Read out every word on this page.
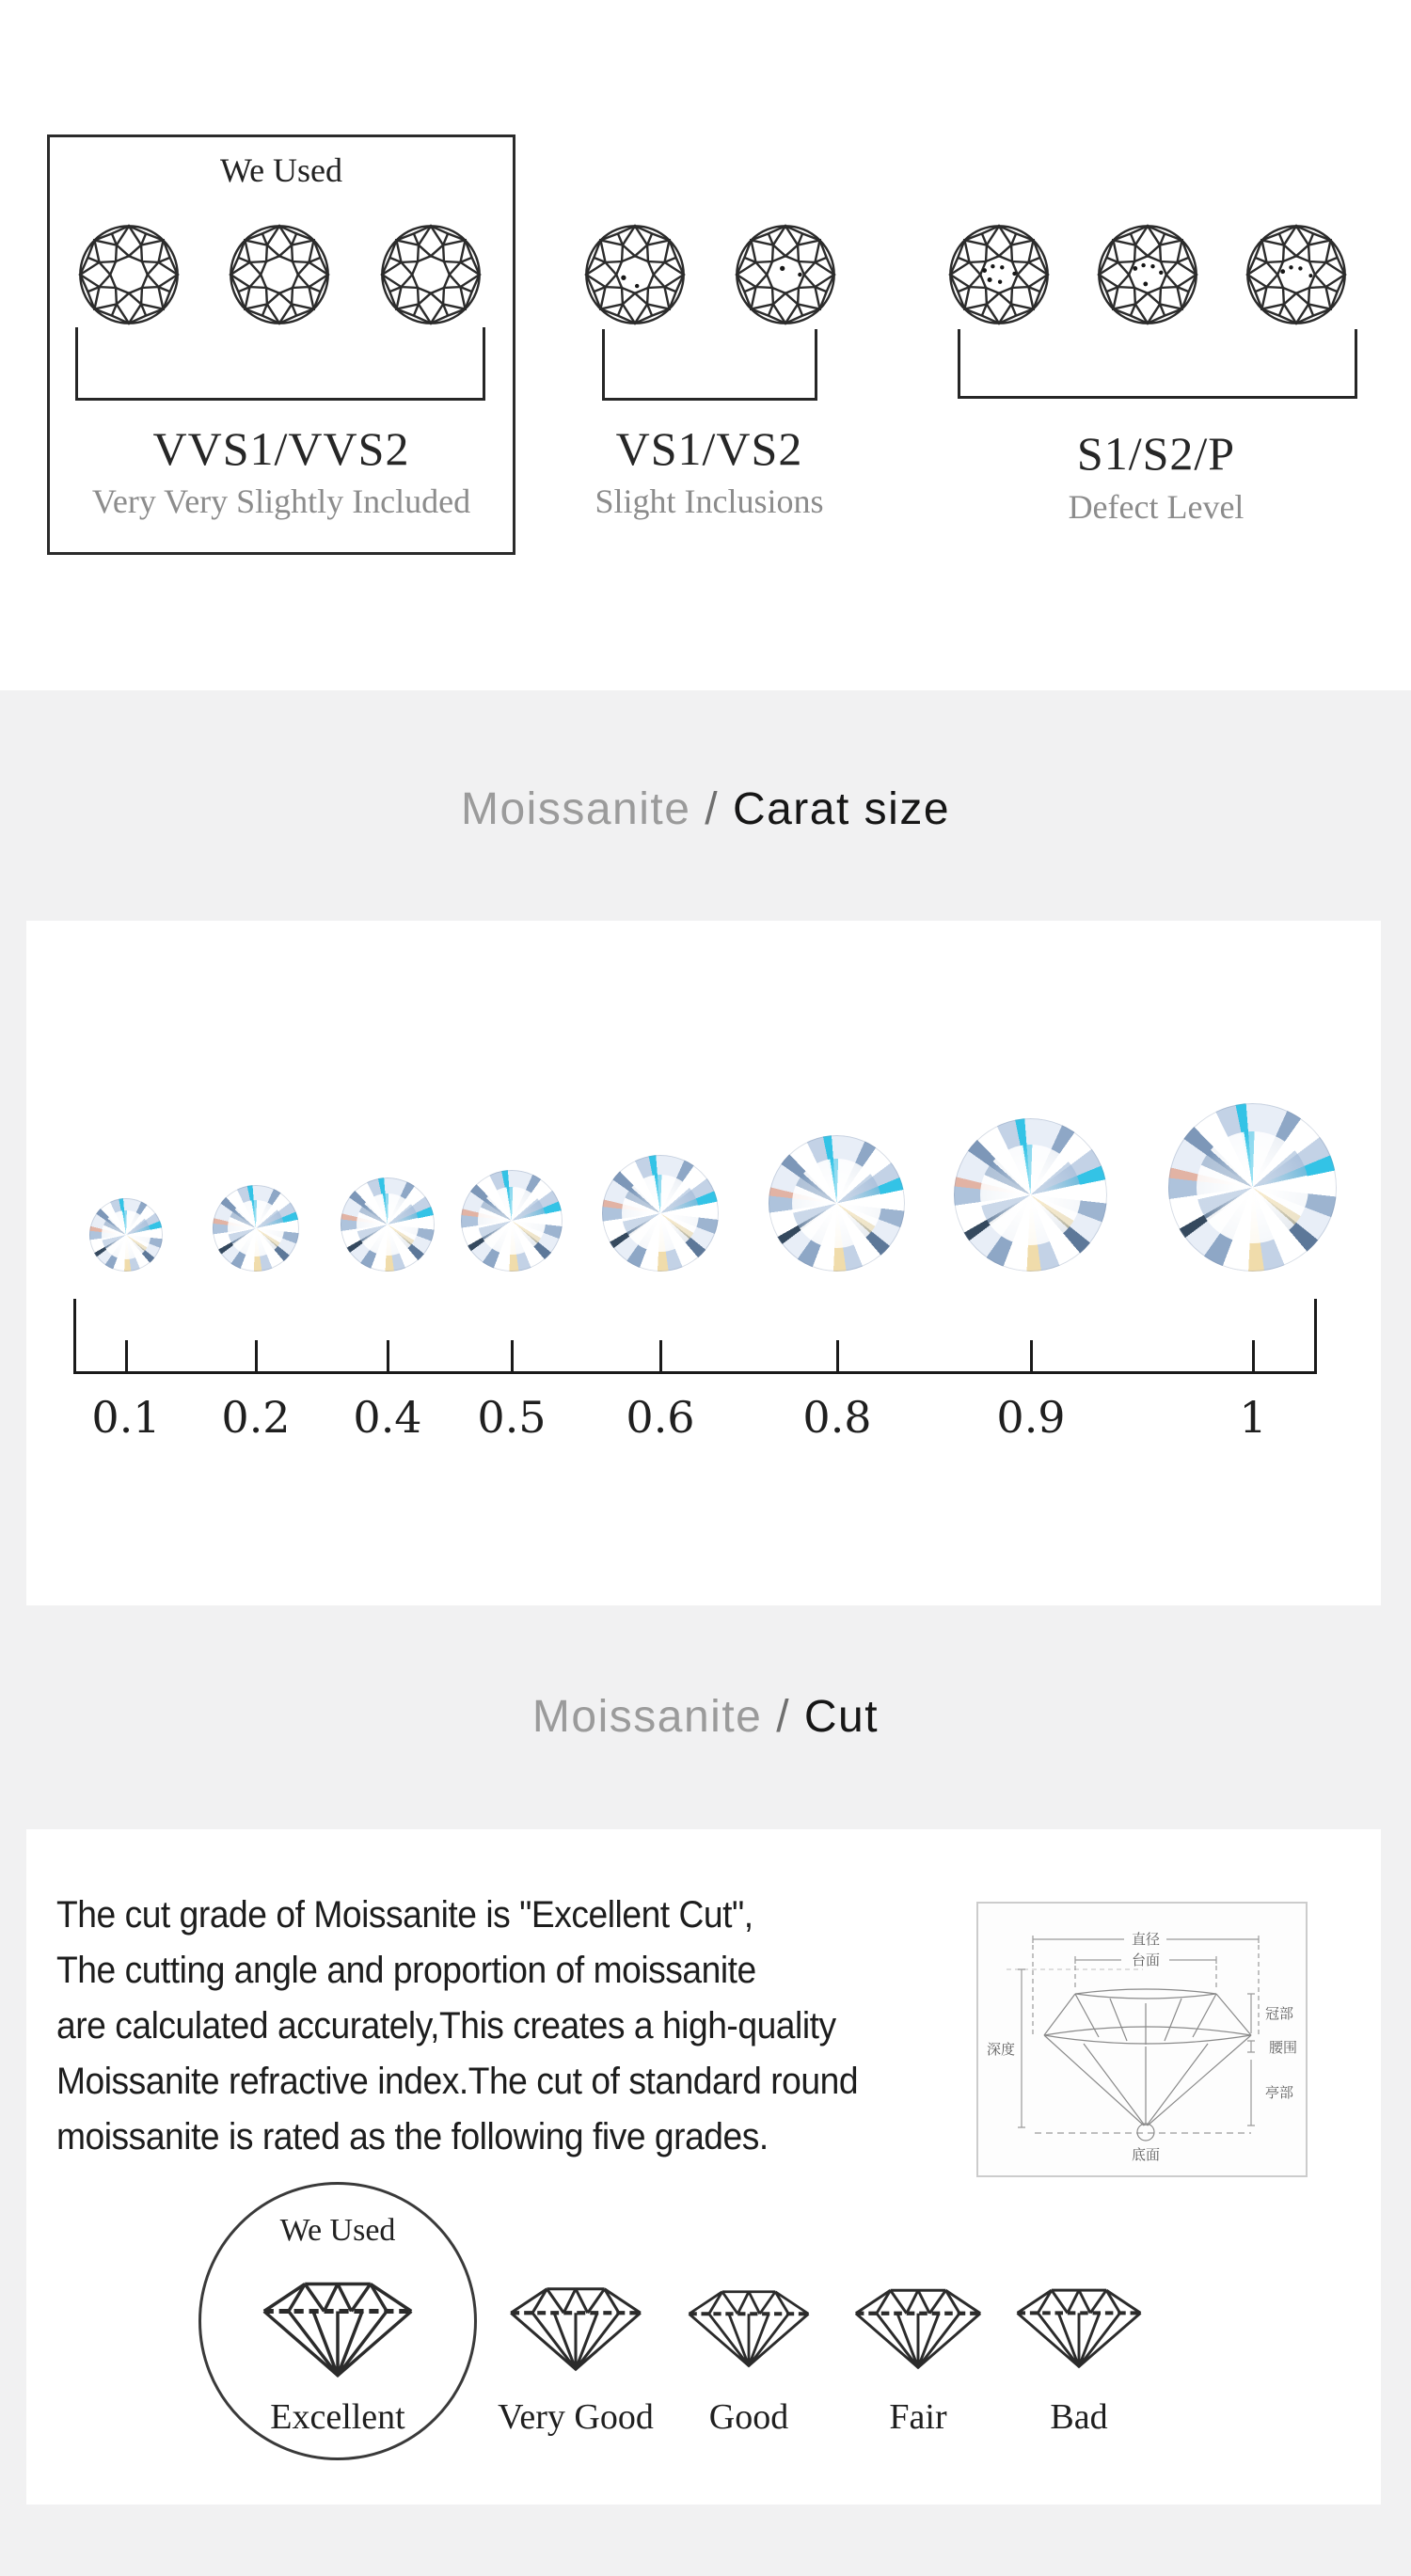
We Used
VVS1/VVS2
Very Very Slightly Included
VS1/VS2
Slight Inclusions
S1/S2/P
Defect Level
Moissanite / Carat size
0.1	0.2	0.4	0.5	0.6	0.8	0.9	1
Moissanite / Cut
The cut grade of Moissanite is "Excellent Cut",
The cutting angle and proportion of moissanite
are calculated accurately,This creates a high-quality
Moissanite refractive index.The cut of standard round
moissanite is rated as the following five grades.
直径
台面
深度
冠部
腰围
亭部
底面
We Used
Excellent	Very Good	Good	Fair	Bad
